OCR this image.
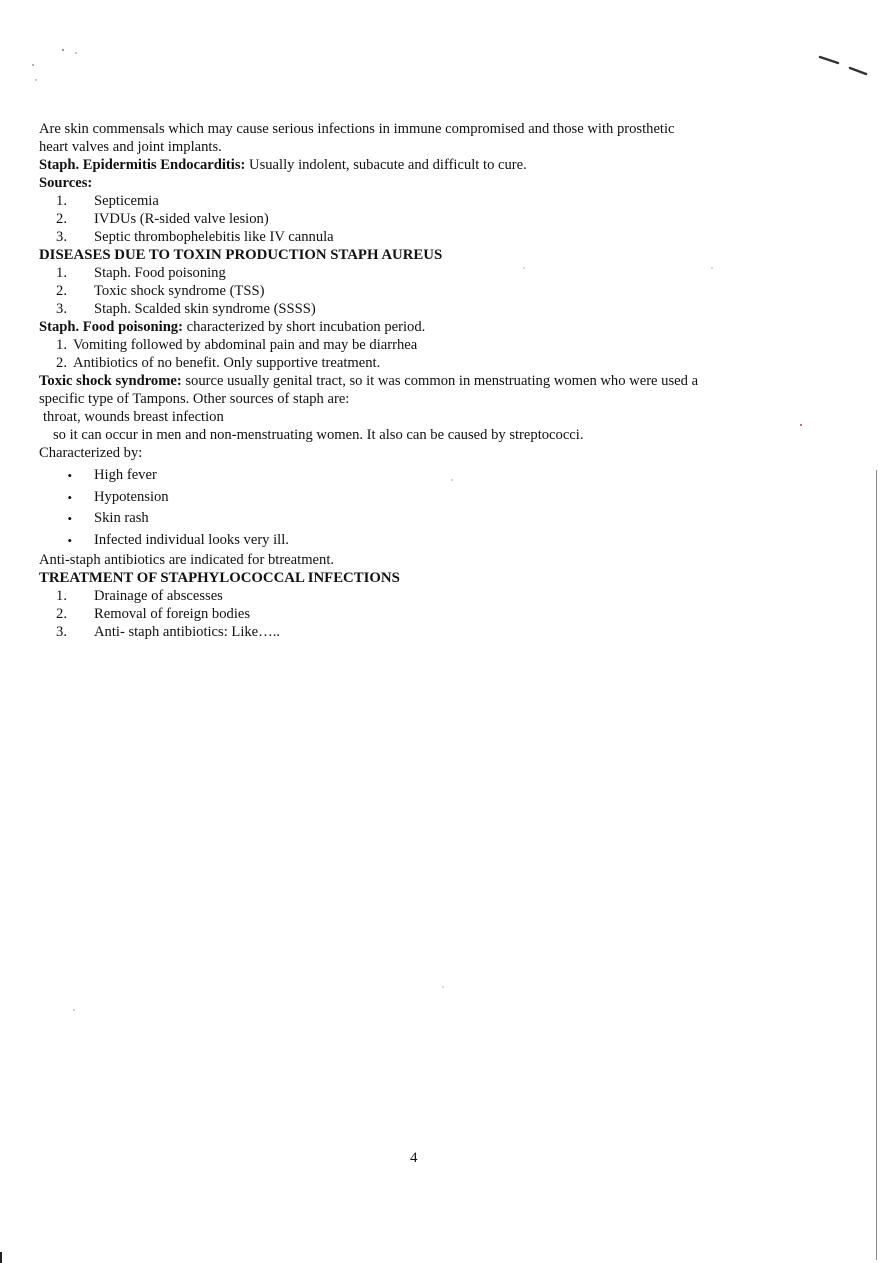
Are skin commensals which may cause serious infections in immune compromised and those with prosthetic
heart valves and joint implants.
Staph. Epidermitis Endocarditis: Usually indolent, subacute and difficult to cure.
Sources:
1. Septicemia
2. IVDUs (R-sided valve lesion)
3. Septic thrombophelebitis like IV cannula
DISEASES DUE TO TOXIN PRODUCTION STAPH AUREUS
1. Staph. Food poisoning
2. Toxic shock syndrome (TSS)
3. Staph. Scalded skin syndrome (SSSS)
Staph. Food poisoning: characterized by short incubation period.
1. Vomiting followed by abdominal pain and may be diarrhea
2. Antibiotics of no benefit. Only supportive treatment.
Toxic shock syndrome: source usually genital tract, so it was common in menstruating women who were used a
specific type of Tampons. Other sources of staph are:
throat, wounds breast infection
so it can occur in men and non-menstruating women. It also can be caused by streptococci.
Characterized by:
• High fever
• Hypotension
• Skin rash
• Infected individual looks very ill.
Anti-staph antibiotics are indicated for btreatment.
TREATMENT OF STAPHYLOCOCCAL INFECTIONS
1. Drainage of abscesses
2. Removal of foreign bodies
3. Anti- staph antibiotics: Like…..
4
